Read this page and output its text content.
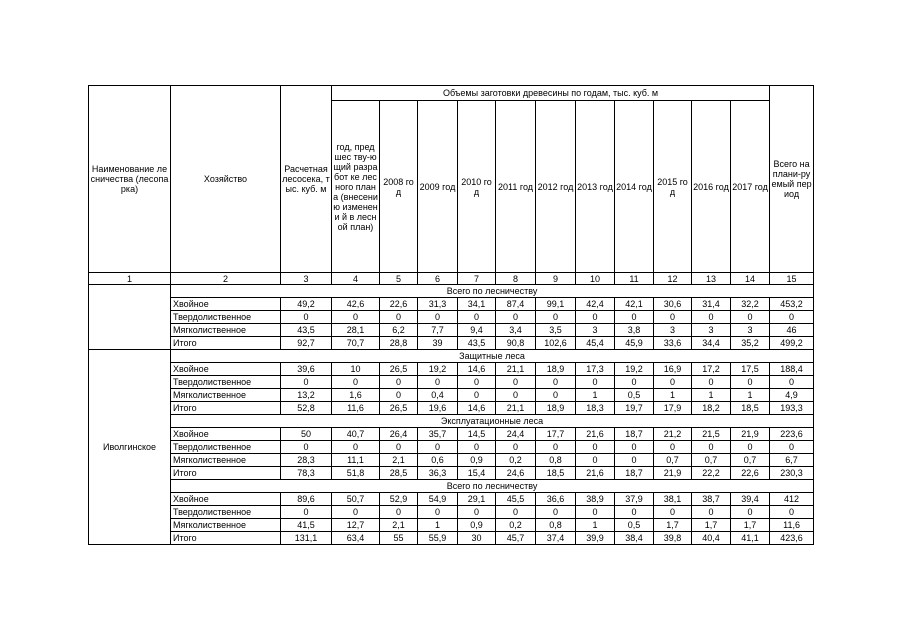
Наименование лесничества (лесопарка)	Хозяйство	Расчетная лесосека, тыс. куб. м	Объемы заготовки древесины по годам, тыс. куб. м											Всего на плани-руемый период
			год, предшес тву-ющий разработ ке лесного плана (внесени ю изменени й в лесной план)	2008 год	2009 год	2010 год	2011 год	2012 год	2013 год	2014 год	2015 год	2016 год	2017 год	
1	2	3	4	5	6	7	8	9	10	11	12	13	14	15
	Всего по лесничеству													
	Хвойное	49,2	42,6	22,6	31,3	34,1	87,4	99,1	42,4	42,1	30,6	31,4	32,2	453,2
	Твердолиственное	0	0	0	0	0	0	0	0	0	0	0	0	0
	Мягколиственное	43,5	28,1	6,2	7,7	9,4	3,4	3,5	3	3,8	3	3	3	46
	Итого	92,7	70,7	28,8	39	43,5	90,8	102,6	45,4	45,9	33,6	34,4	35,2	499,2
Иволгинское	Защитные леса													
	Хвойное	39,6	10	26,5	19,2	14,6	21,1	18,9	17,3	19,2	16,9	17,2	17,5	188,4
	Твердолиственное	0	0	0	0	0	0	0	0	0	0	0	0	0
	Мягколиственное	13,2	1,6	0	0,4	0	0	0	1	0,5	1	1	1	4,9
	Итого	52,8	11,6	26,5	19,6	14,6	21,1	18,9	18,3	19,7	17,9	18,2	18,5	193,3
	Эксплуатационные леса													
	Хвойное	50	40,7	26,4	35,7	14,5	24,4	17,7	21,6	18,7	21,2	21,5	21,9	223,6
	Твердолиственное	0	0	0	0	0	0	0	0	0	0	0	0	0
	Мягколиственное	28,3	11,1	2,1	0,6	0,9	0,2	0,8	0	0	0,7	0,7	0,7	6,7
	Итого	78,3	51,8	28,5	36,3	15,4	24,6	18,5	21,6	18,7	21,9	22,2	22,6	230,3
	Всего по лесничеству													
	Хвойное	89,6	50,7	52,9	54,9	29,1	45,5	36,6	38,9	37,9	38,1	38,7	39,4	412
	Твердолиственное	0	0	0	0	0	0	0	0	0	0	0	0	0
	Мягколиственное	41,5	12,7	2,1	1	0,9	0,2	0,8	1	0,5	1,7	1,7	1,7	11,6
	Итого	131,1	63,4	55	55,9	30	45,7	37,4	39,9	38,4	39,8	40,4	41,1	423,6
